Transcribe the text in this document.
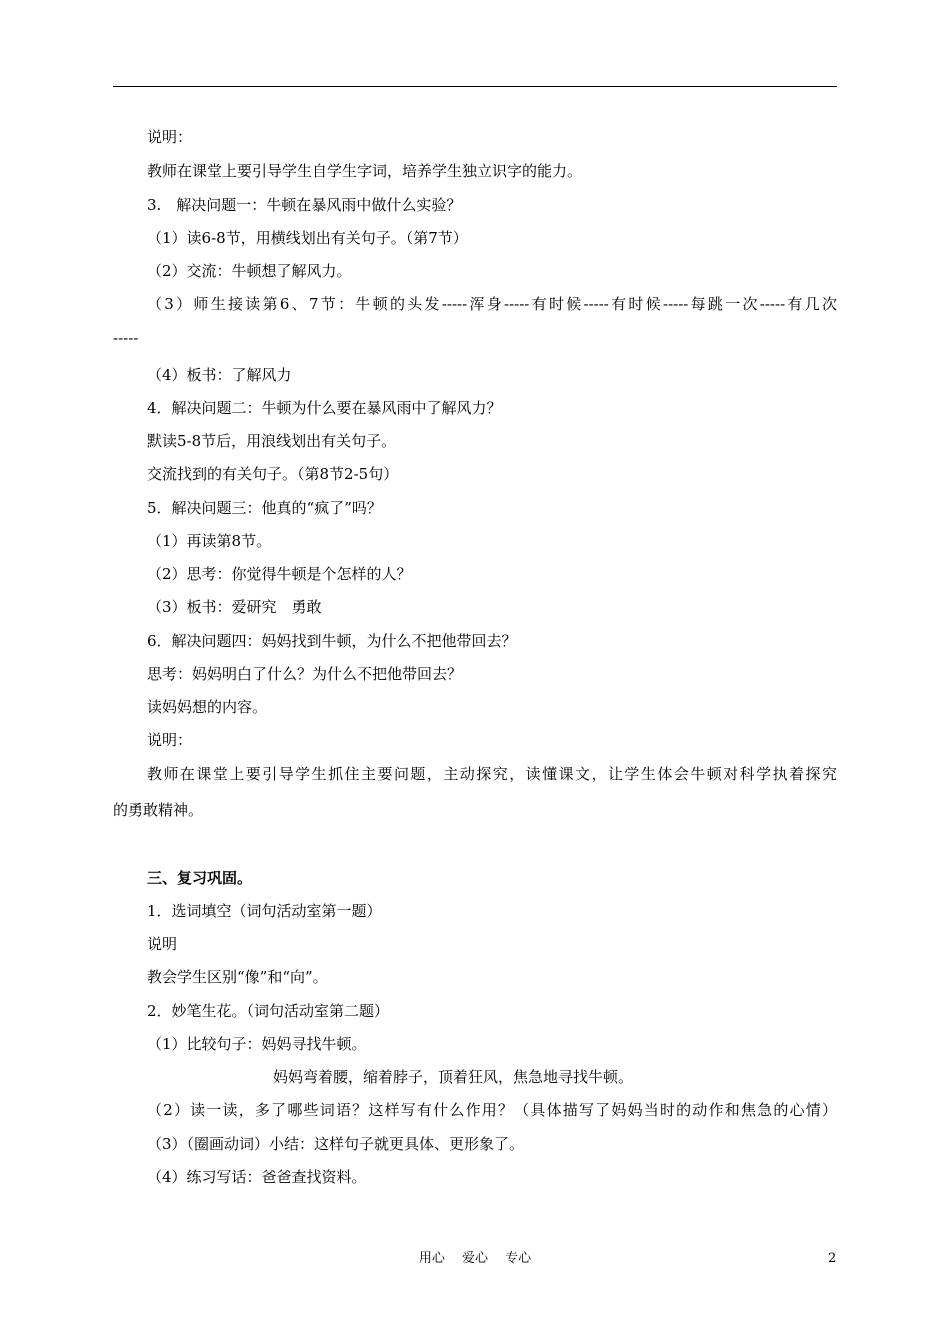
说明：
教师在课堂上要引导学生自学生字词，培养学生独立识字的能力。
3.　解决问题一：牛顿在暴风雨中做什么实验？
（1）读6-8节，用横线划出有关句子。（第7节）
（2）交流：牛顿想了解风力。
（3）师生接读第6、7节：牛顿的头发-----浑身-----有时候-----有时候-----每跳一次-----有几次
-----
（4）板书：了解风力
4．解决问题二：牛顿为什么要在暴风雨中了解风力？
默读5-8节后，用浪线划出有关句子。
交流找到的有关句子。（第8节2-5句）
5．解决问题三：他真的“疯了”吗？
（1）再读第8节。
（2）思考：你觉得牛顿是个怎样的人？
（3）板书：爱研究　勇敢
6．解决问题四：妈妈找到牛顿，为什么不把他带回去？
思考：妈妈明白了什么？为什么不把他带回去？
读妈妈想的内容。
说明：
教师在课堂上要引导学生抓住主要问题，主动探究，读懂课文，让学生体会牛顿对科学执着探究
的勇敢精神。
三、复习巩固。
1．选词填空（词句活动室第一题）
说明
教会学生区别“像”和“向”。
2．妙笔生花。（词句活动室第二题）
（1）比较句子：妈妈寻找牛顿。
妈妈弯着腰，缩着脖子，顶着狂风，焦急地寻找牛顿。
（2）读一读，多了哪些词语？这样写有什么作用？（具体描写了妈妈当时的动作和焦急的心情）
（3）（圈画动词）小结：这样句子就更具体、更形象了。
（4）练习写话：爸爸查找资料。
用心　 爱心 　专心	2
